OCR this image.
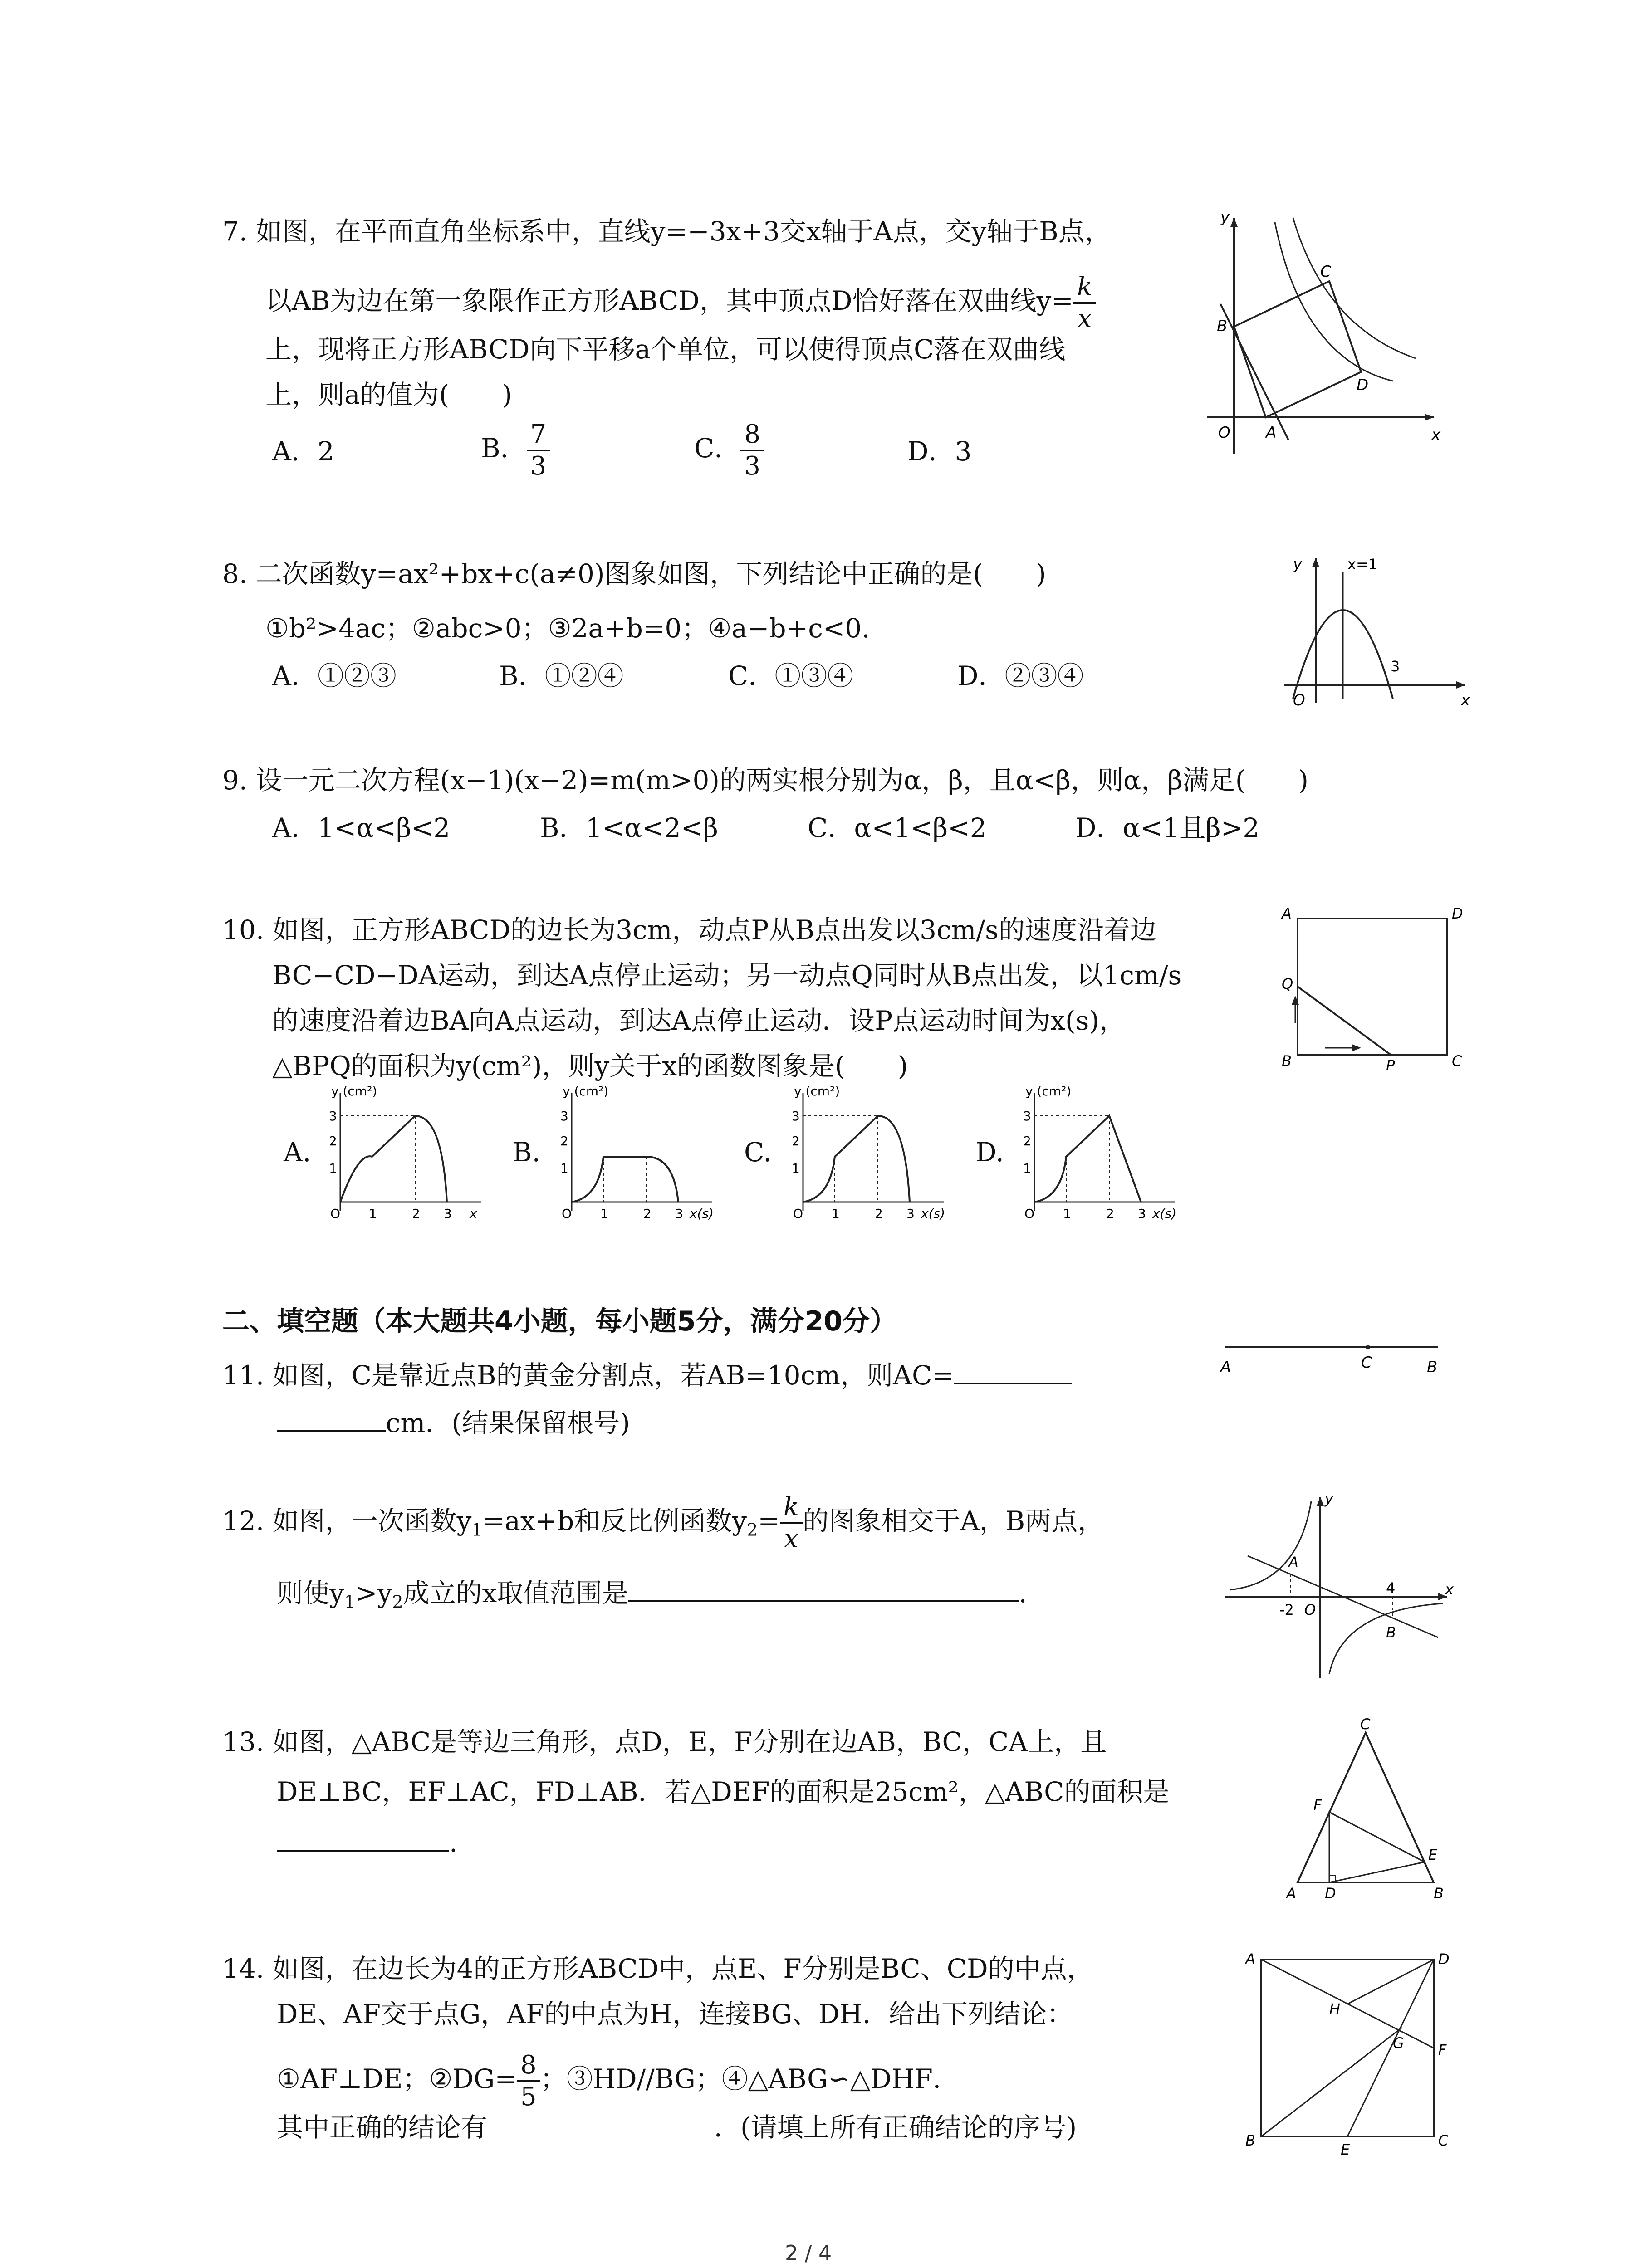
7. 如图，在平面直角坐标系中，直线y=−3x+3交x轴于A点，交y轴于B点，
以AB为边在第一象限作正方形ABCD，其中顶点D恰好落在双曲线$y= \frac{k}{x}$
上，现将正方形ABCD向下平移a个单位，可以使得顶点C落在双曲线
上，则a的值为(　　)
A．2	B． $\frac{7}{3}$	C． $\frac{8}{3}$	D．3
y
x
O A
B
C
D
8. 二次函数y=ax²+bx+c(a≠0)图象如图，下列结论中正确的是(　　)
①b²>4ac；②abc>0；③2a+b=0；④a−b+c<0.
A．①②③	B．①②④	C．①③④	D．②③④
y
x
O
x=1
3
9. 设一元二次方程(x−1)(x−2)=m(m>0)的两实根分别为α，β，且α<β，则α，β满足(　　)
A．1<α<β<2	B．1<α<2<β	C．α<1<β<2	D．α<1且β>2
10. 如图，正方形ABCD的边长为3cm，动点P从B点出发以3cm/s的速度沿着边
BC−CD−DA运动，到达A点停止运动；另一动点Q同时从B点出发，以1cm/s
的速度沿着边BA向A点运动，到达A点停止运动．设P点运动时间为x(s)，
△BPQ的面积为y(cm²)，则y关于x的函数图象是(　　)
A	D
Q
B	P	C
A.	B.	C.	D.
y (cm²)
3
2
1
O 1	2 3 x
y (cm²)
3
2
1
O 1	2 3 x(s)
y (cm²)
3
2
1
O 1	2 3 x(s)
y (cm²)
3
2
1
O 1	2 3 x(s)
二、填空题（本大题共4小题，每小题5分，满分20分）
11. 如图，C是靠近点B的黄金分割点，若AB=10cm，则AC=
cm．(结果保留根号)
A	C	B
12. 如图，一次函数$y_1=ax+b$和反比例函数$y_2= \frac{k}{x}$ 的图象相交于A，B两点，
则使$y_1>y_2$成立的x取值范围是	.
y
x
A
-2 O
4
B
13. 如图，△ABC是等边三角形，点D，E，F分别在边AB，BC，CA上，且
DE⊥BC，EF⊥AC，FD⊥AB．若△DEF的面积是25cm²，△ABC的面积是
.
C
F
E
A D	B
14. 如图，在边长为4的正方形ABCD中，点E、F分别是BC、CD的中点，
DE、AF交于点G，AF的中点为H，连接BG、DH．给出下列结论：
①AF⊥DE；②DG= $\frac{8}{5}$ ；③HD//BG；④△ABG∽△DHF．
其中正确的结论有	．(请填上所有正确结论的序号)
A	D
H
G F
B
E
C
2 / 4
